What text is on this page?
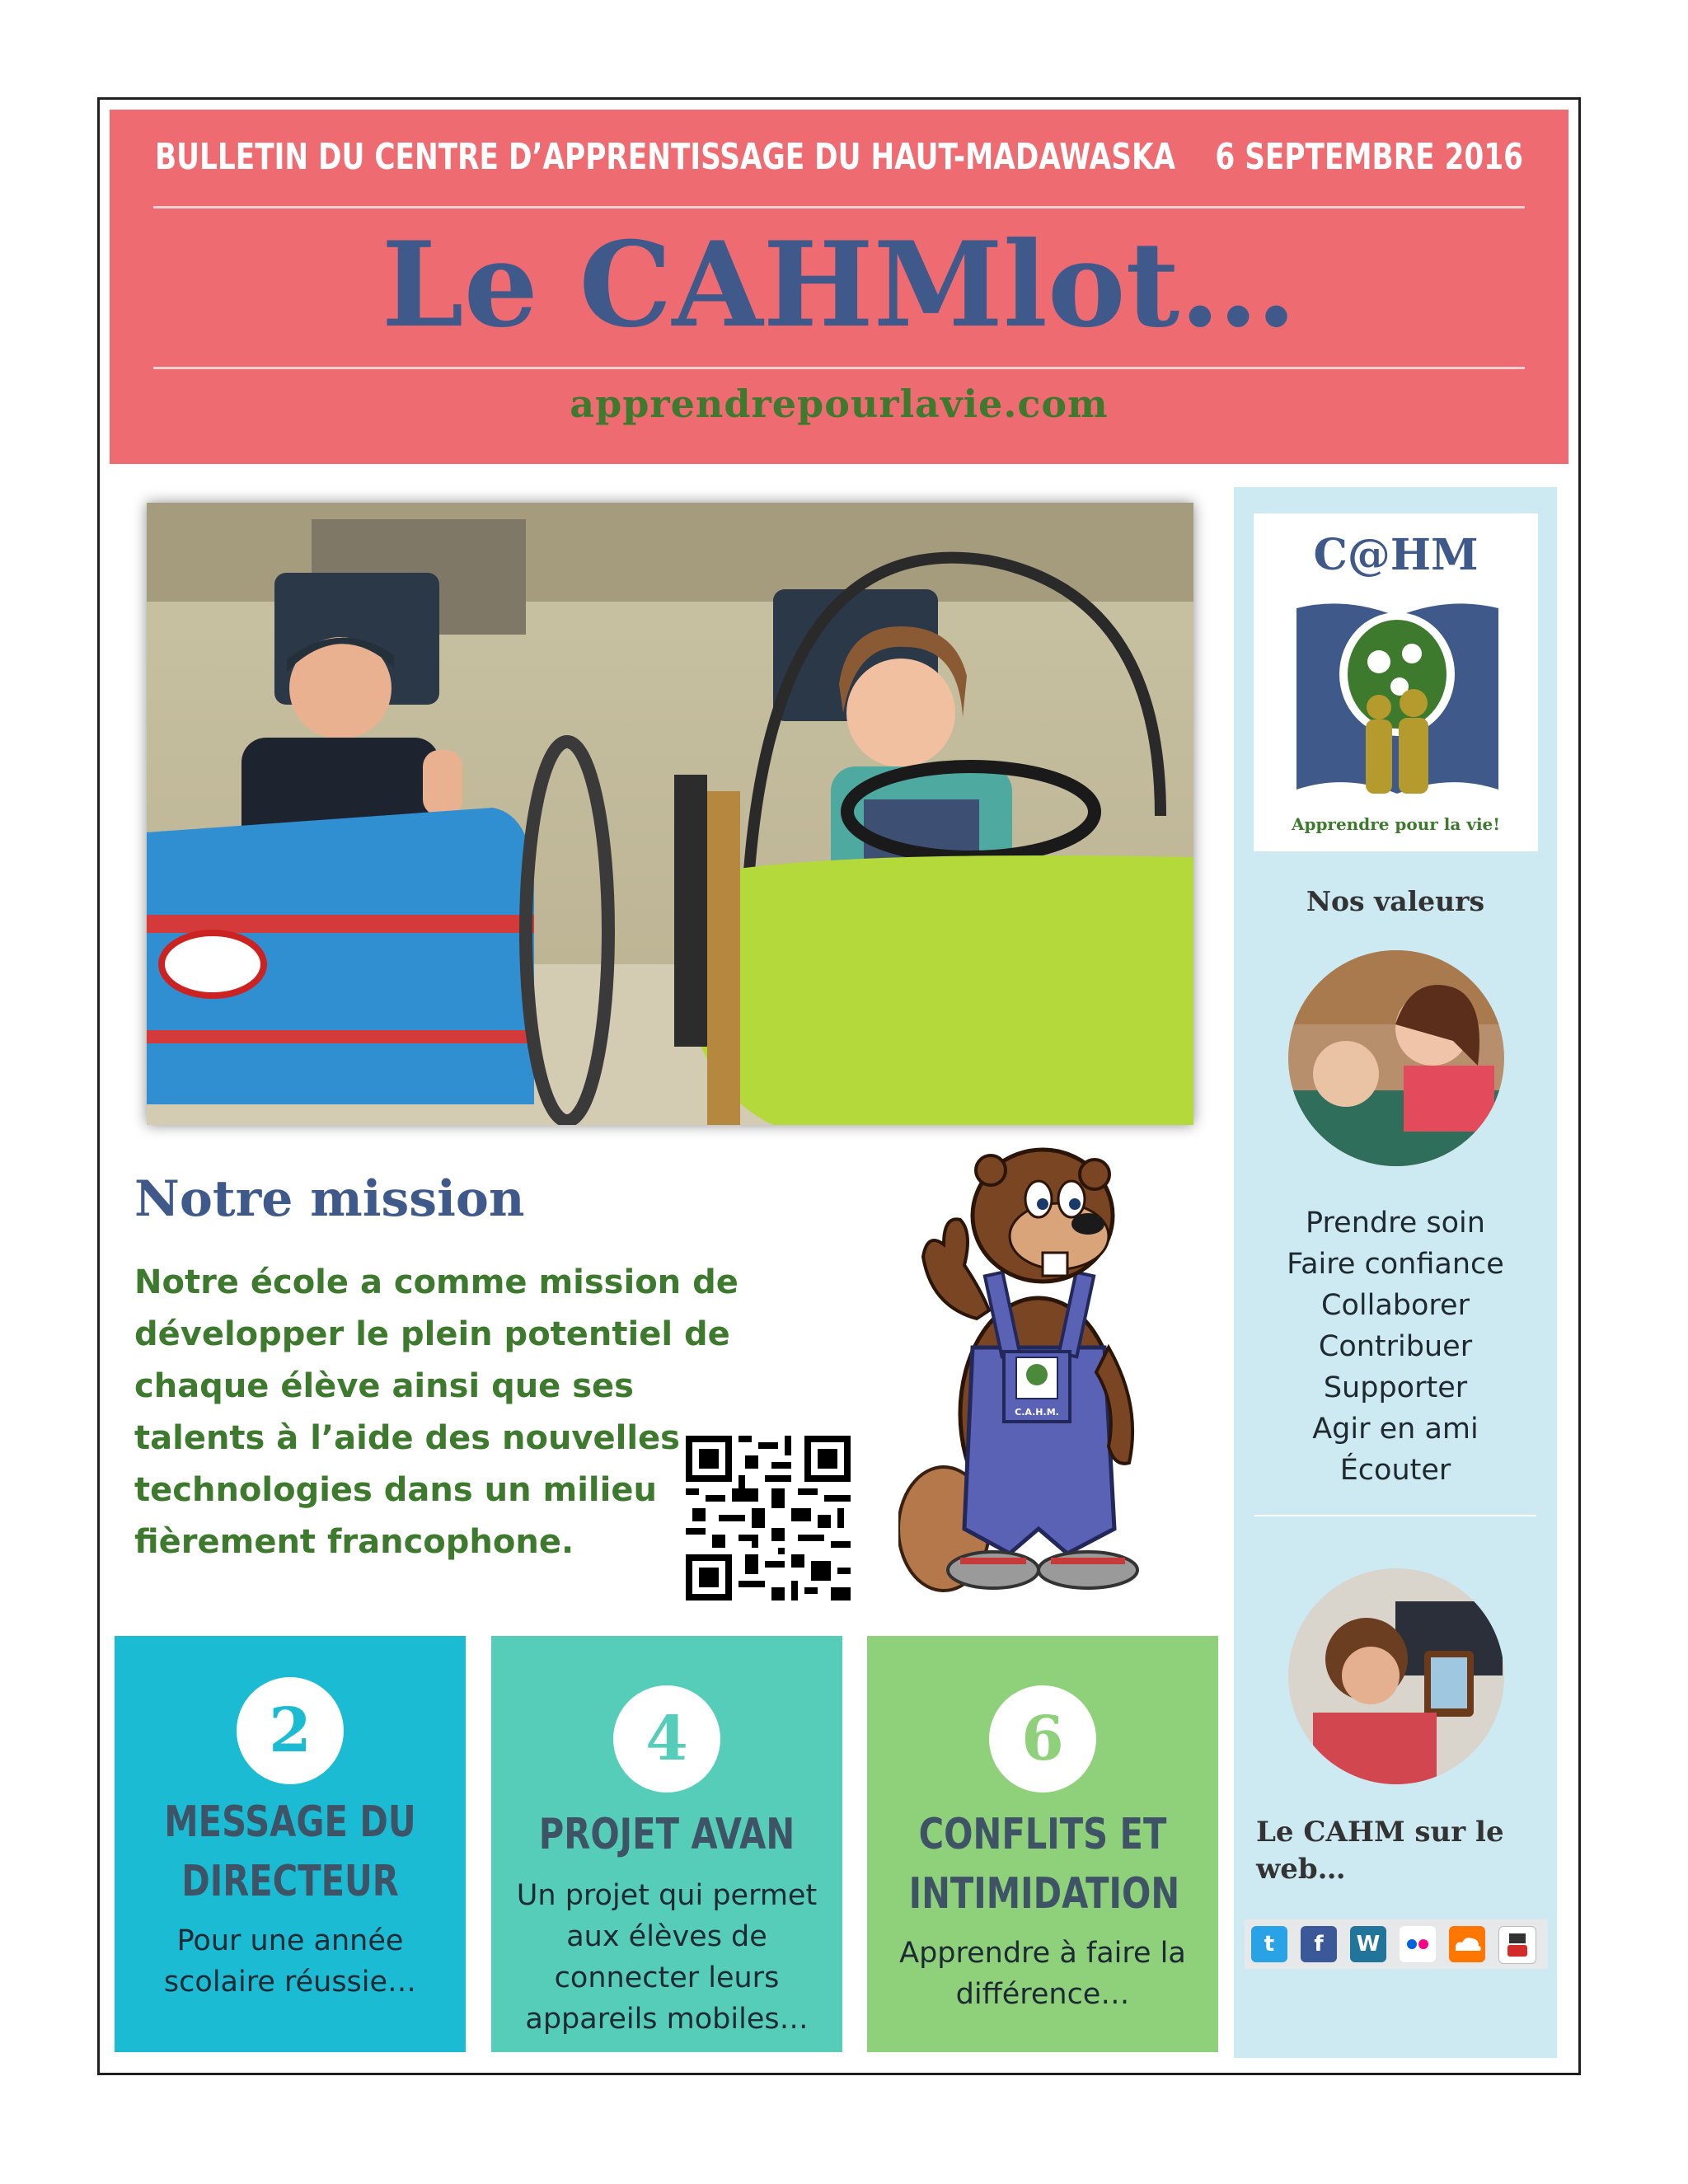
BULLETIN DU CENTRE D’APPRENTISSAGE DU HAUT-MADAWASKA 6 SEPTEMBRE 2016
Le CAHMlot…
apprendrepourlavie.com
Notre mission
Notre école a comme mission de développer le plein potentiel de chaque élève ainsi que ses talents à l’aide des nouvelles technologies dans un milieu fièrement francophone.
C.A.H.M.
2
MESSAGE DU DIRECTEUR
Pour une année scolaire réussie…
4
PROJET AVAN
Un projet qui permet aux élèves de connecter leurs appareils mobiles…
6
CONFLITS ET INTIMIDATION
Apprendre à faire la différence…
C@HM
Apprendre pour la vie!
Nos valeurs
Prendre soin
Faire confiance
Collaborer
Contribuer
Supporter
Agir en ami
Écouter
Le CAHM sur le web…
t	f	W
